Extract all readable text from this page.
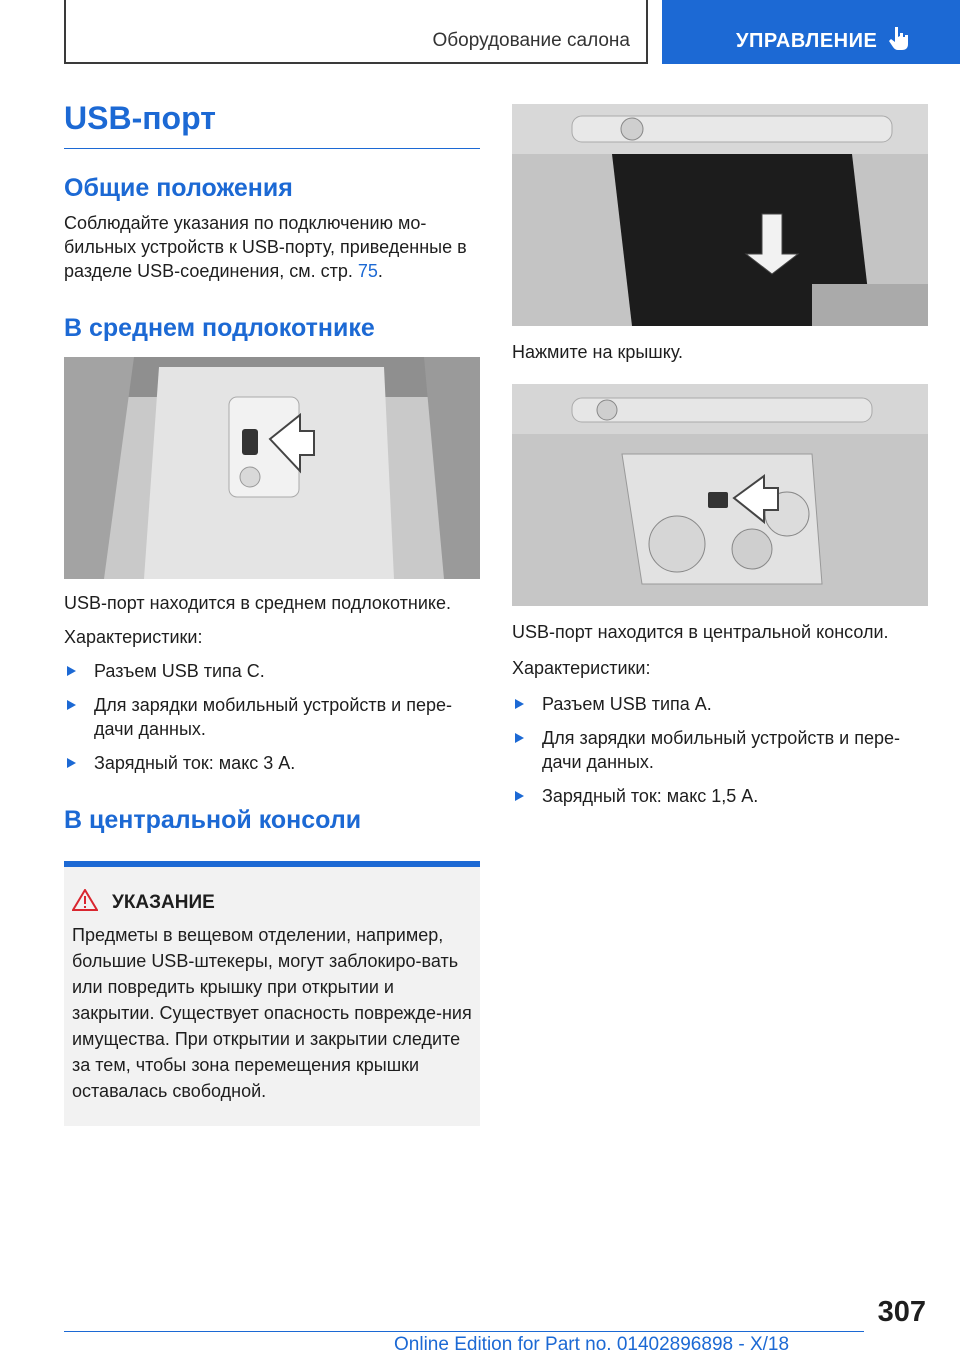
Оборудование салона	УПРАВЛЕНИЕ
USB-порт
Общие положения

Соблюдайте указания по подключению мо-бильных устройств к USB-порту, приведенные в разделе USB-соединения, см. стр. 75.

В среднем подлокотнике

USB-порт находится в среднем подлокотнике.

Характеристики:

Разъем USB типа C.
Для зарядки мобильный устройств и пере-дачи данных.
Зарядный ток: макс 3 A.
В центральной консоли
УКАЗАНИЕ

Предметы в вещевом отделении, например, большие USB-штекеры, могут заблокиро-вать или повредить крышку при открытии и закрытии. Существует опасность поврежде-ния имущества. При открытии и закрытии следите за тем, чтобы зона перемещения крышки оставалась свободной.

Нажмите на крышку.

USB-порт находится в центральной консоли.

Характеристики:

Разъем USB типа A.
Для зарядки мобильный устройств и пере-дачи данных.
Зарядный ток: макс 1,5 A.
307
Online Edition for Part no. 01402896898 - X/18
